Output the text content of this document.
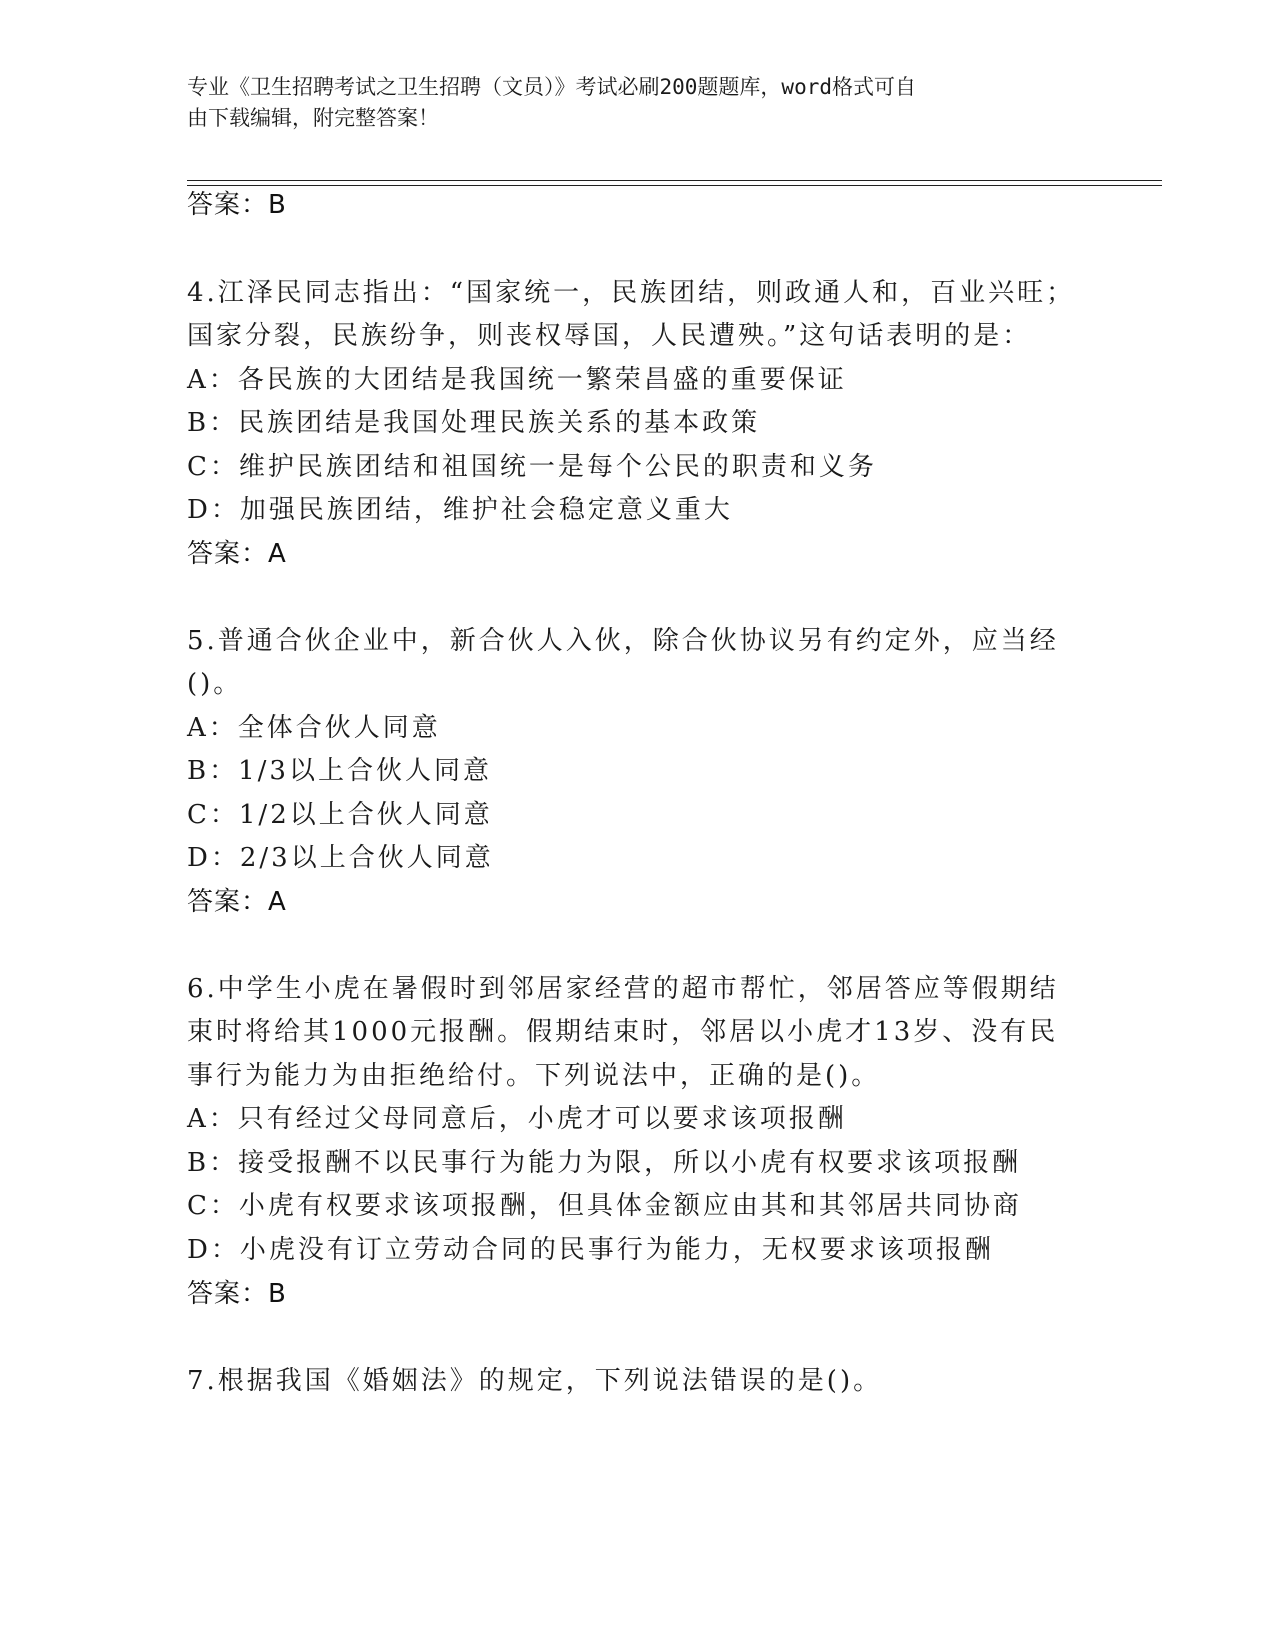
专业《卫生招聘考试之卫生招聘（文员）》考试必刷200题题库，word格式可自
由下载编辑，附完整答案！
答案：B
4.江泽民同志指出：“国家统一，民族团结，则政通人和，百业兴旺；
国家分裂，民族纷争，则丧权辱国，人民遭殃。”这句话表明的是：
A：各民族的大团结是我国统一繁荣昌盛的重要保证
B：民族团结是我国处理民族关系的基本政策
C：维护民族团结和祖国统一是每个公民的职责和义务
D：加强民族团结，维护社会稳定意义重大
答案：A
5.普通合伙企业中，新合伙人入伙，除合伙协议另有约定外，应当经
()。
A：全体合伙人同意
B：1/3以上合伙人同意
C：1/2以上合伙人同意
D：2/3以上合伙人同意
答案：A
6.中学生小虎在暑假时到邻居家经营的超市帮忙，邻居答应等假期结
束时将给其1000元报酬。假期结束时，邻居以小虎才13岁、没有民
事行为能力为由拒绝给付。下列说法中，正确的是()。
A：只有经过父母同意后，小虎才可以要求该项报酬
B：接受报酬不以民事行为能力为限，所以小虎有权要求该项报酬
C：小虎有权要求该项报酬，但具体金额应由其和其邻居共同协商
D：小虎没有订立劳动合同的民事行为能力，无权要求该项报酬
答案：B
7.根据我国《婚姻法》的规定，下列说法错误的是()。
